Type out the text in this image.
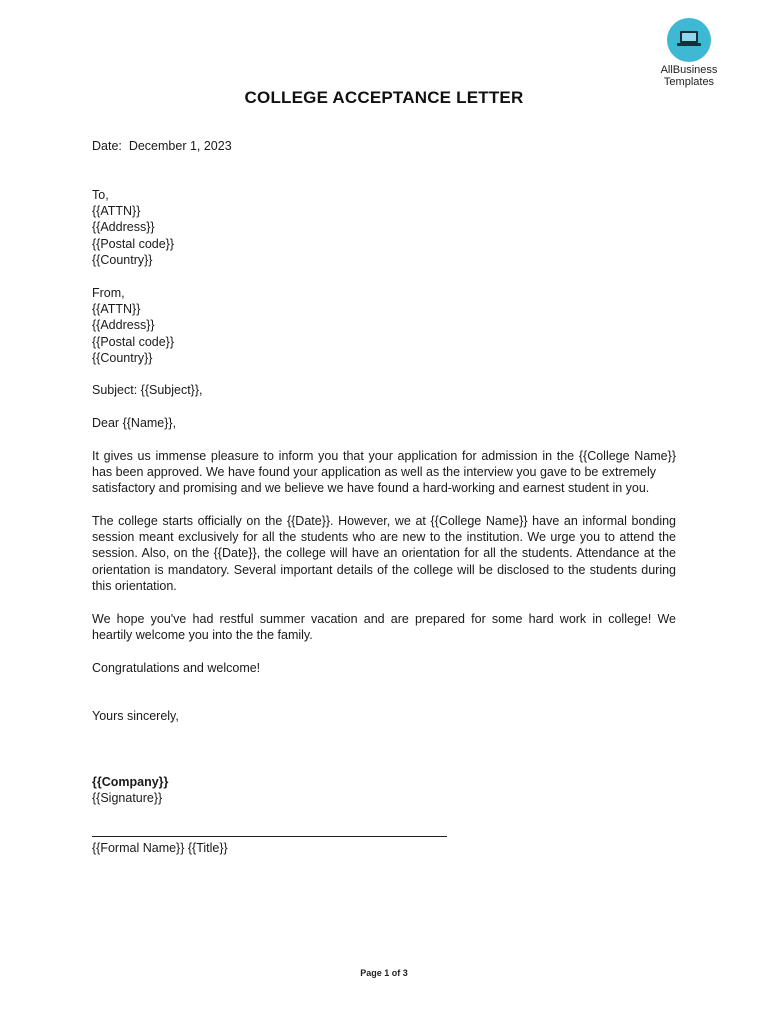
AllBusiness
Templates
COLLEGE ACCEPTANCE LETTER
Date:  December 1, 2023
To,
{{ATTN}}
{{Address}}
{{Postal code}}
{{Country}}
From,
{{ATTN}}
{{Address}}
{{Postal code}}
{{Country}}
Subject: {{Subject}},
Dear {{Name}},

It gives us immense pleasure to inform you that your application for admission in the {{College Name}} has been approved. We have found your application as well as the interview you gave to be extremely

satisfactory and promising and we believe we have found a hard-working and earnest student in you.

The college starts officially on the {{Date}}. However, we at {{College Name}} have an informal bonding session meant exclusively for all the students who are new to the institution. We urge you to attend the session. Also, on the {{Date}}, the college will have an orientation for all the students. Attendance at the orientation is mandatory. Several important details of the college will be disclosed to the students during this orientation.

We hope you've had restful summer vacation and are prepared for some hard work in college! We heartily welcome you into the the family.

Congratulations and welcome!
Yours sincerely,
{{Company}}
{{Signature}}
{{Formal Name}} {{Title}}
Page 1 of 3
